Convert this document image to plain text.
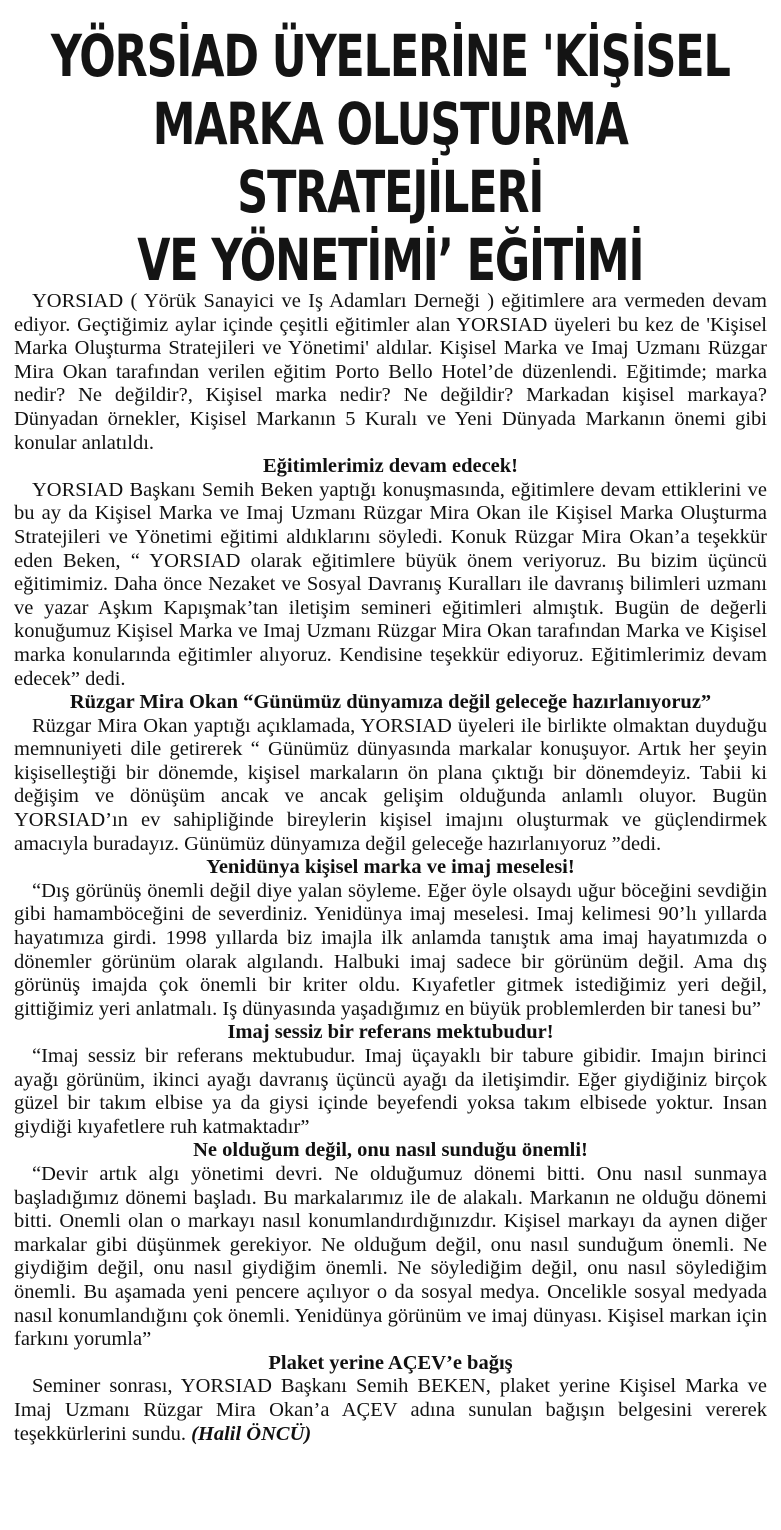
YÖRSİAD ÜYELERİNE 'KİŞİSEL
MARKA OLUŞTURMA STRATEJİLERİ
VE YÖNETİMİ’ EĞİTİMİ

YORSIAD ( Yörük Sanayici ve Iş Adamları Derneği ) eğitimlere ara vermeden devam ediyor. Geçtiğimiz aylar içinde çeşitli eğitimler alan YORSIAD üyeleri bu kez de 'Kişisel Marka Oluşturma Stratejileri ve Yönetimi' aldılar. Kişisel Marka ve Imaj Uzmanı Rüzgar Mira Okan tarafından verilen eğitim Porto Bello Hotel’de düzenlendi. Eğitimde; marka nedir? Ne değildir?, Kişisel marka nedir? Ne değildir? Markadan kişisel markaya? Dünyadan örnekler, Kişisel Markanın 5 Kuralı ve Yeni Dünyada Markanın önemi gibi konular anlatıldı.

Eğitimlerimiz devam edecek!

YORSIAD Başkanı Semih Beken yaptığı konuşmasında, eğitimlere devam ettiklerini ve bu ay da Kişisel Marka ve Imaj Uzmanı Rüzgar Mira Okan ile Kişisel Marka Oluşturma Stratejileri ve Yönetimi eğitimi aldıklarını söyledi. Konuk Rüzgar Mira Okan’a teşekkür eden Beken, “ YORSIAD olarak eğitimlere büyük önem veriyoruz. Bu bizim üçüncü eğitimimiz. Daha önce Nezaket ve Sosyal Davranış Kuralları ile davranış bilimleri uzmanı ve yazar Aşkım Kapışmak’tan iletişim semineri eğitimleri almıştık. Bugün de değerli konuğumuz Kişisel Marka ve Imaj Uzmanı Rüzgar Mira Okan tarafından Marka ve Kişisel marka konularında eğitimler alıyoruz. Kendisine teşekkür ediyoruz. Eğitimlerimiz devam edecek” dedi.

Rüzgar Mira Okan “Günümüz dünyamıza değil geleceğe hazırlanıyoruz”

Rüzgar Mira Okan yaptığı açıklamada, YORSIAD üyeleri ile birlikte olmaktan duyduğu memnuniyeti dile getirerek “ Günümüz dünyasında markalar konuşuyor. Artık her şeyin kişiselleştiği bir dönemde, kişisel markaların ön plana çıktığı bir dönemdeyiz. Tabii ki değişim ve dönüşüm ancak ve ancak gelişim olduğunda anlamlı oluyor. Bugün YORSIAD’ın ev sahipliğinde bireylerin kişisel imajını oluşturmak ve güçlendirmek amacıyla buradayız. Günümüz dünyamıza değil geleceğe hazırlanıyoruz ”dedi.

Yenidünya kişisel marka ve imaj meselesi!

“Dış görünüş önemli değil diye yalan söyleme. Eğer öyle olsaydı uğur böceğini sevdiğin gibi hamamböceğini de severdiniz. Yenidünya imaj meselesi. Imaj kelimesi 90’lı yıllarda hayatımıza girdi. 1998 yıllarda biz imajla ilk anlamda tanıştık ama imaj hayatımızda o dönemler görünüm olarak algılandı. Halbuki imaj sadece bir görünüm değil. Ama dış görünüş imajda çok önemli bir kriter oldu. Kıyafetler gitmek istediğimiz yeri değil, gittiğimiz yeri anlatmalı. Iş dünyasında yaşadığımız en büyük problemlerden bir tanesi bu”

Imaj sessiz bir referans mektubudur!

“Imaj sessiz bir referans mektubudur. Imaj üçayaklı bir tabure gibidir. Imajın birinci ayağı görünüm, ikinci ayağı davranış üçüncü ayağı da iletişimdir. Eğer giydiğiniz birçok güzel bir takım elbise ya da giysi içinde beyefendi yoksa takım elbisede yoktur. Insan giydiği kıyafetlere ruh katmaktadır”

Ne olduğum değil, onu nasıl sunduğu önemli!

“Devir artık algı yönetimi devri. Ne olduğumuz dönemi bitti. Onu nasıl sunmaya başladığımız dönemi başladı. Bu markalarımız ile de alakalı. Markanın ne olduğu dönemi bitti. Onemli olan o markayı nasıl konumlandırdığınızdır. Kişisel markayı da aynen diğer markalar gibi düşünmek gerekiyor. Ne olduğum değil, onu nasıl sunduğum önemli. Ne giydiğim değil, onu nasıl giydiğim önemli. Ne söylediğim değil, onu nasıl söylediğim önemli. Bu aşamada yeni pencere açılıyor o da sosyal medya. Oncelikle sosyal medyada nasıl konumlandığını çok önemli. Yenidünya görünüm ve imaj dünyası. Kişisel markan için farkını yorumla”

Plaket yerine AÇEV’e bağış

Seminer sonrası, YORSIAD Başkanı Semih BEKEN, plaket yerine Kişisel Marka ve Imaj Uzmanı Rüzgar Mira Okan’a AÇEV adına sunulan bağışın belgesini vererek teşekkürlerini sundu. (Halil ÖNCÜ)
